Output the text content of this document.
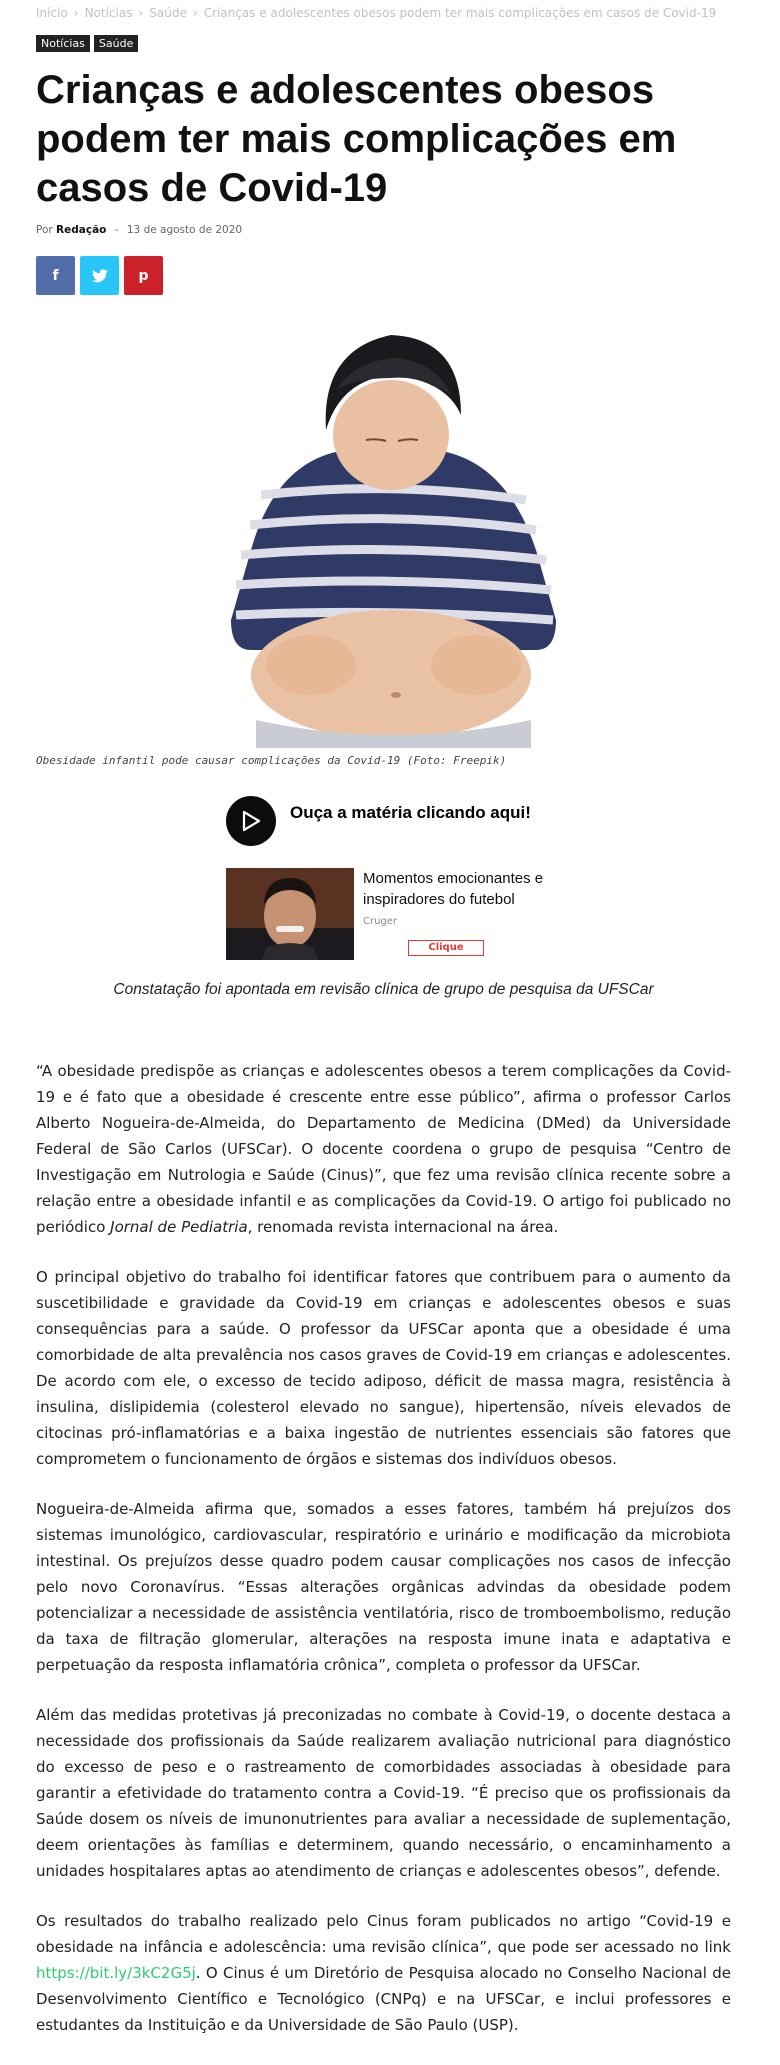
Início › Notícias › Saúde › Crianças e adolescentes obesos podem ter mais complicações em casos de Covid-19
Notícias	Saúde
Crianças e adolescentes obesos podem ter mais complicações em casos de Covid-19
Por Redação - 13 de agosto de 2020
f	p
Obesidade infantil pode causar complicações da Covid-19 (Foto: Freepik)
Ouça a matéria clicando aqui!
Momentos emocionantes e inspiradores do futebol
Cruger
Clique
Constatação foi apontada em revisão clínica de grupo de pesquisa da UFSCar

“A obesidade predispõe as crianças e adolescentes obesos a terem complicações da Covid-19 e é fato que a obesidade é crescente entre esse público”, afirma o professor Carlos Alberto Nogueira-de-Almeida, do Departamento de Medicina (DMed) da Universidade Federal de São Carlos (UFSCar). O docente coordena o grupo de pesquisa “Centro de Investigação em Nutrologia e Saúde (Cinus)”, que fez uma revisão clínica recente sobre a relação entre a obesidade infantil e as complicações da Covid-19. O artigo foi publicado no periódico Jornal de Pediatria, renomada revista internacional na área.

O principal objetivo do trabalho foi identificar fatores que contribuem para o aumento da suscetibilidade e gravidade da Covid-19 em crianças e adolescentes obesos e suas consequências para a saúde. O professor da UFSCar aponta que a obesidade é uma comorbidade de alta prevalência nos casos graves de Covid-19 em crianças e adolescentes. De acordo com ele, o excesso de tecido adiposo, déficit de massa magra, resistência à insulina, dislipidemia (colesterol elevado no sangue), hipertensão, níveis elevados de citocinas pró-inflamatórias e a baixa ingestão de nutrientes essenciais são fatores que comprometem o funcionamento de órgãos e sistemas dos indivíduos obesos.

Nogueira-de-Almeida afirma que, somados a esses fatores, também há prejuízos dos sistemas imunológico, cardiovascular, respiratório e urinário e modificação da microbiota intestinal. Os prejuízos desse quadro podem causar complicações nos casos de infecção pelo novo Coronavírus. “Essas alterações orgânicas advindas da obesidade podem potencializar a necessidade de assistência ventilatória, risco de tromboembolismo, redução da taxa de filtração glomerular, alterações na resposta imune inata e adaptativa e perpetuação da resposta inflamatória crônica”, completa o professor da UFSCar.

Além das medidas protetivas já preconizadas no combate à Covid-19, o docente destaca a necessidade dos profissionais da Saúde realizarem avaliação nutricional para diagnóstico do excesso de peso e o rastreamento de comorbidades associadas à obesidade para garantir a efetividade do tratamento contra a Covid-19. “É preciso que os profissionais da Saúde dosem os níveis de imunonutrientes para avaliar a necessidade de suplementação, deem orientações às famílias e determinem, quando necessário, o encaminhamento a unidades hospitalares aptas ao atendimento de crianças e adolescentes obesos”, defende.

Os resultados do trabalho realizado pelo Cinus foram publicados no artigo “Covid-19 e obesidade na infância e adolescência: uma revisão clínica”, que pode ser acessado no link https://bit.ly/3kC2G5j. O Cinus é um Diretório de Pesquisa alocado no Conselho Nacional de Desenvolvimento Científico e Tecnológico (CNPq) e na UFSCar, e inclui professores e estudantes da Instituição e da Universidade de São Paulo (USP).
